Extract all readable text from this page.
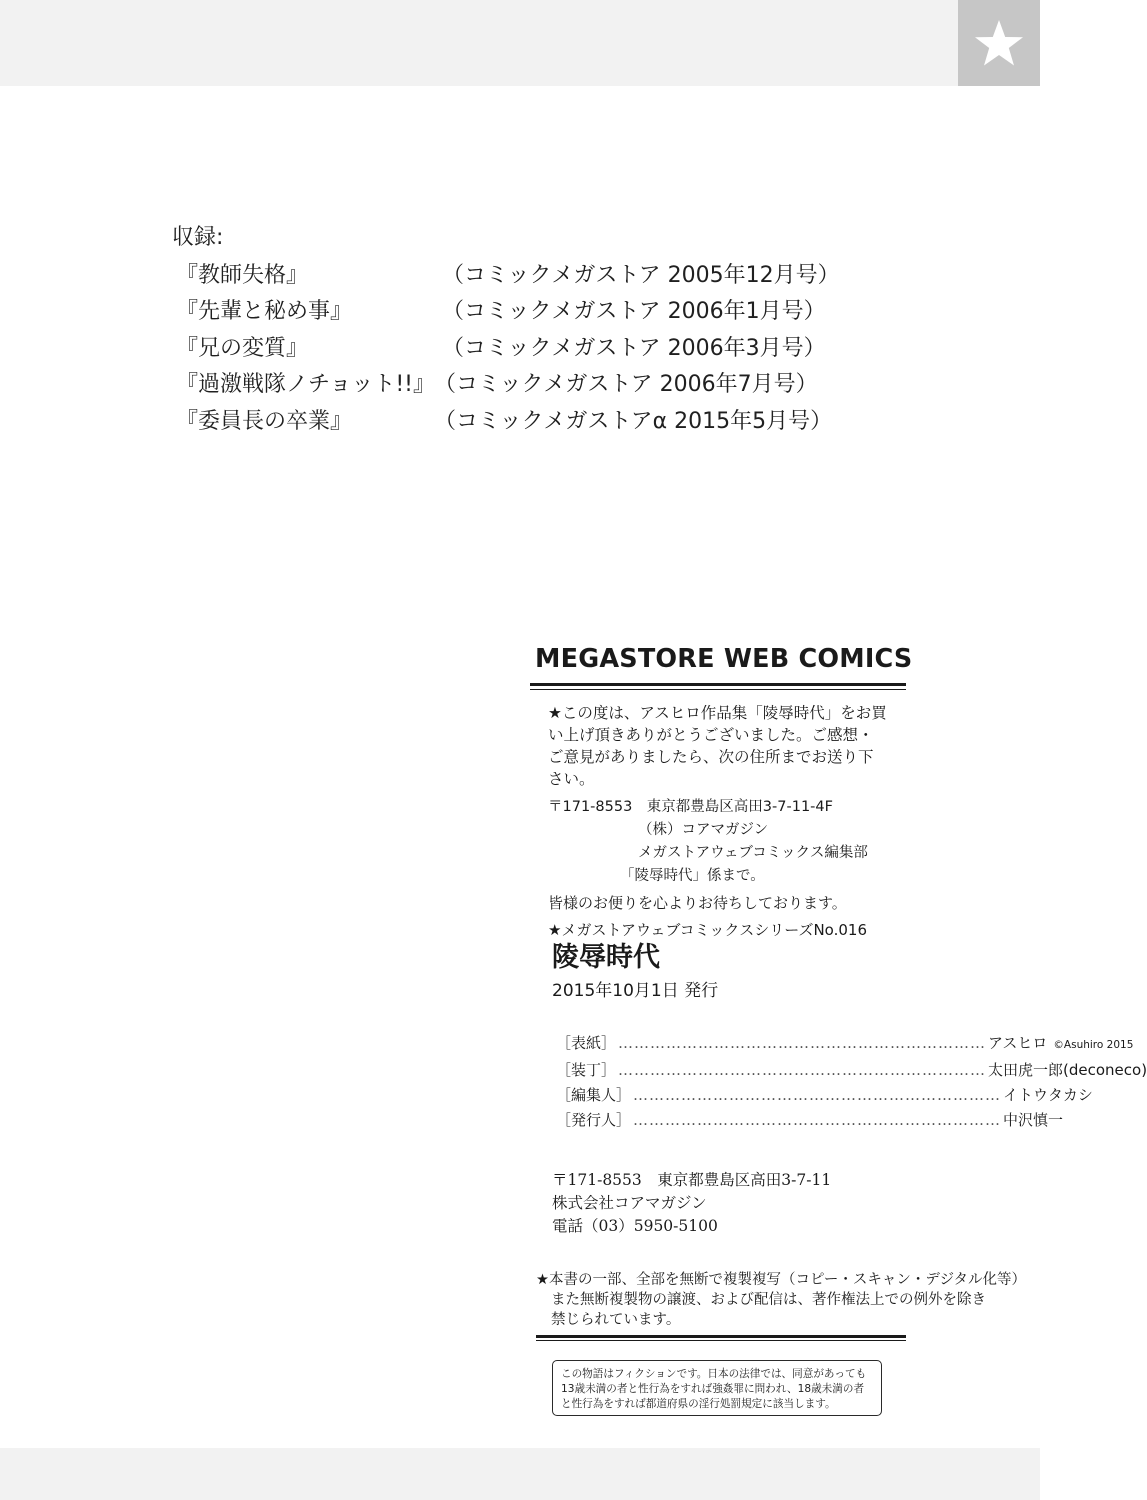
収録:
『教師失格』	（コミックメガストア 2005年12月号）
『先輩と秘め事』	（コミックメガストア 2006年1月号）
『兄の変質』	（コミックメガストア 2006年3月号）
『過激戦隊ノチョット!!』 （コミックメガストア 2006年7月号）
『委員長の卒業』	（コミックメガストアα 2015年5月号）
MEGASTORE WEB COMICS
★この度は、アスヒロ作品集「陵辱時代」をお買い上げ頂きありがとうございました。ご感想・ご意見がありましたら、次の住所までお送り下さい。
〒171-8553　東京都豊島区高田3-7-11-4F
（株）コアマガジン
メガストアウェブコミックス編集部
「陵辱時代」係まで。
皆様のお便りを心よりお待ちしております。
★メガストアウェブコミックスシリーズNo.016
陵辱時代
2015年10月1日 発行
［表紙］ …………………………………………………………… アスヒロ ©Asuhiro 2015
［装丁］ …………………………………………………………… 太田虎一郎(deconeco)
［編集人］ …………………………………………………………… イトウタカシ
［発行人］ …………………………………………………………… 中沢慎一
〒171-8553　東京都豊島区高田3-7-11
株式会社コアマガジン
電話（03）5950-5100
★本書の一部、全部を無断で複製複写（コピー・スキャン・デジタル化等）
また無断複製物の譲渡、および配信は、著作権法上での例外を除き
禁じられています。
この物語はフィクションです。日本の法律では、同意があっても
13歳未満の者と性行為をすれば強姦罪に問われ、18歳未満の者
と性行為をすれば都道府県の淫行処罰規定に該当します。
